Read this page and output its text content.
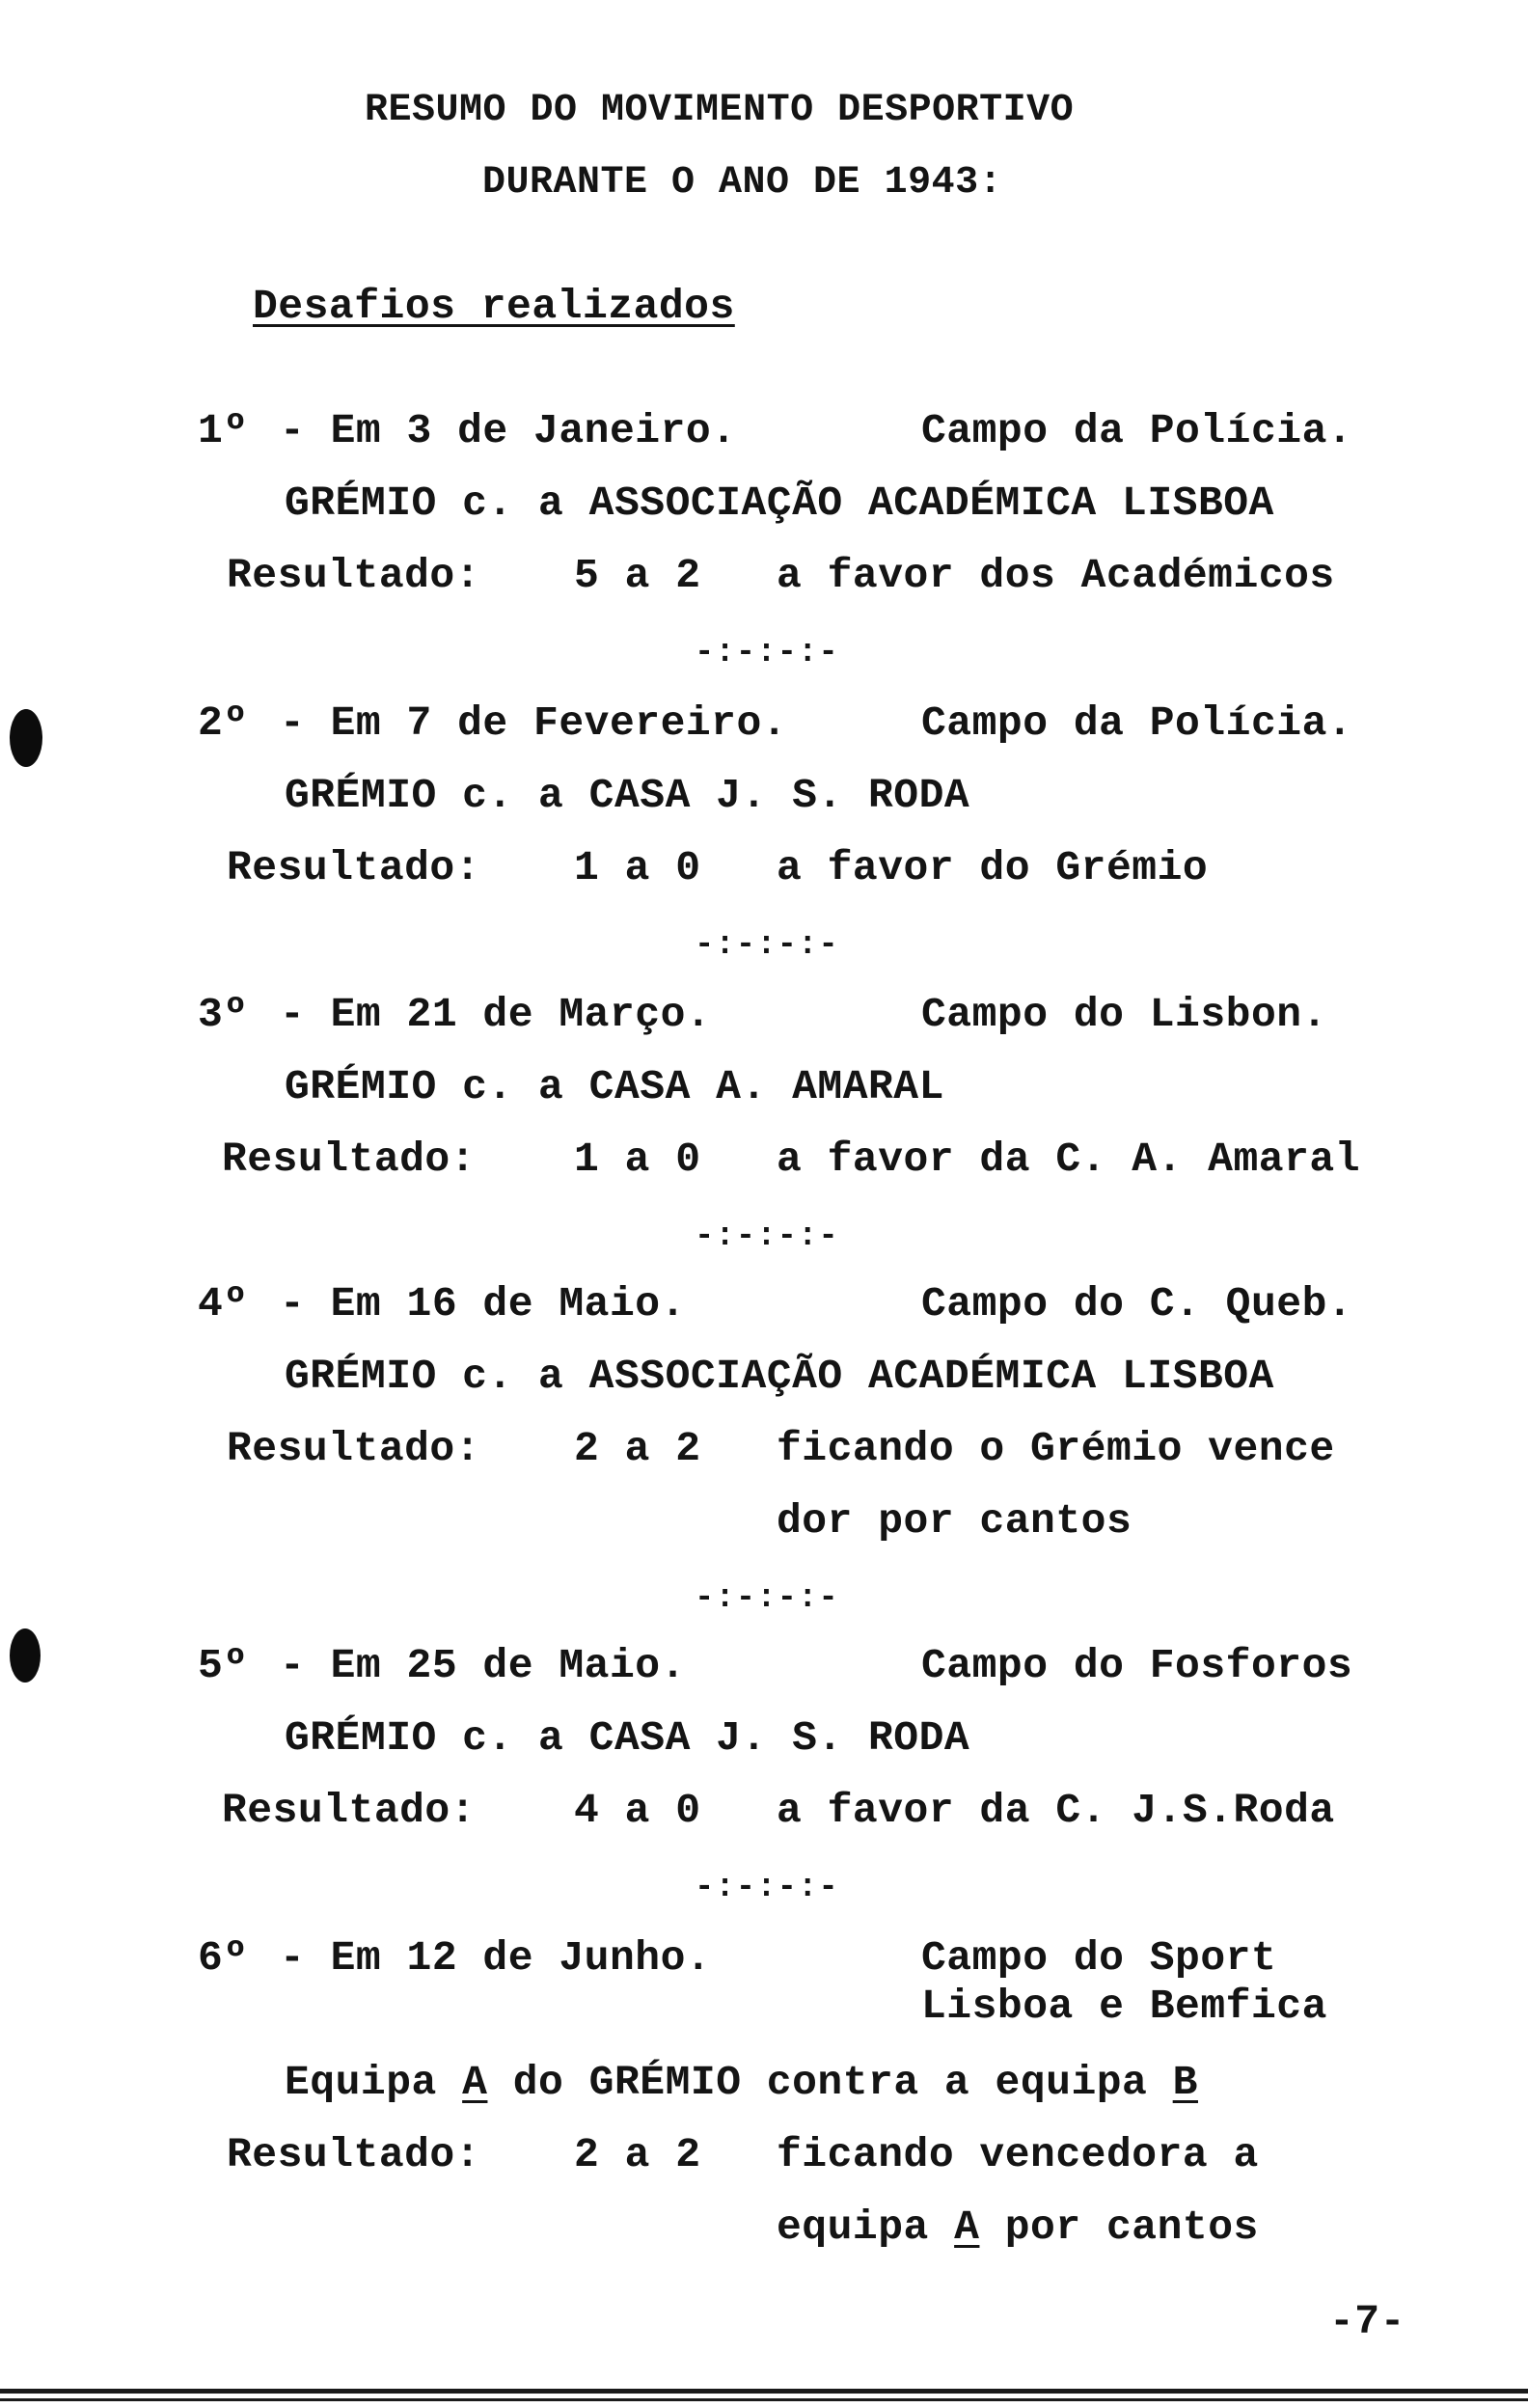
RESUMO DO MOVIMENTO DESPORTIVO
DURANTE O ANO DE 1943:
Desafios realizados
1º - Em 3 de Janeiro.	Campo da Polícia.
GRÉMIO c. a ASSOCIAÇÃO ACADÉMICA LISBOA
Resultado: 5 a 2 a favor dos Académicos
-:-:-:-
2º - Em 7 de Fevereiro.	Campo da Polícia.
GRÉMIO c. a CASA J. S. RODA
Resultado: 1 a 0 a favor do Grémio
-:-:-:-
3º - Em 21 de Março.	Campo do Lisbon.
GRÉMIO c. a CASA A. AMARAL
Resultado: 1 a 0 a favor da C. A. Amaral
-:-:-:-
4º - Em 16 de Maio.	Campo do C. Queb.
GRÉMIO c. a ASSOCIAÇÃO ACADÉMICA LISBOA
Resultado: 2 a 2 ficando o Grémio vence
dor por cantos
-:-:-:-
5º - Em 25 de Maio.	Campo do Fosforos
GRÉMIO c. a CASA J. S. RODA
Resultado: 4 a 0 a favor da C. J.S.Roda
-:-:-:-
6º - Em 12 de Junho.	Campo do Sport
Lisboa e Bemfica
Equipa A do GRÉMIO contra a equipa B
Resultado: 2 a 2 ficando vencedora a
equipa A por cantos
-7-
